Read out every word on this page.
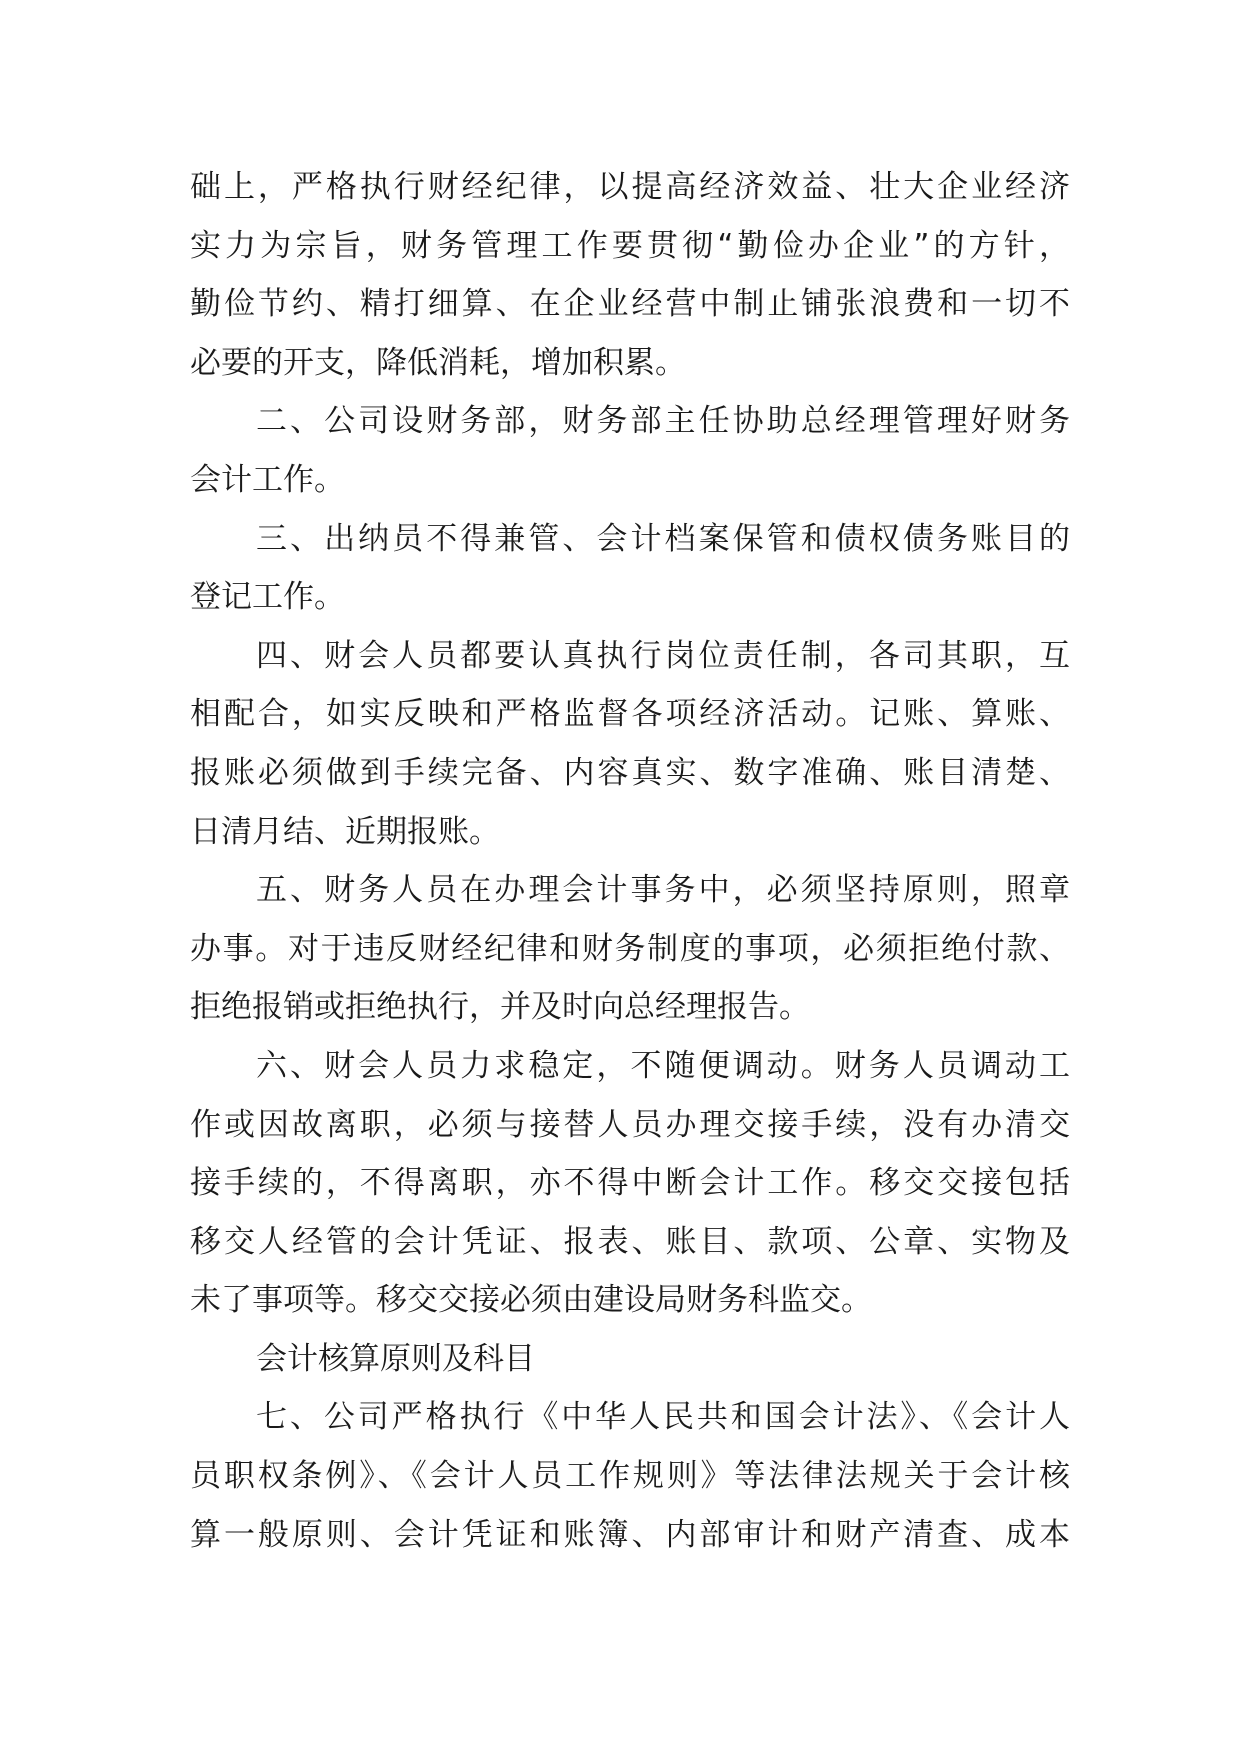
础上，严格执行财经纪律，以提高经济效益、壮大企业经济
实力为宗旨，财务管理工作要贯彻“勤俭办企业”的方针，
勤俭节约、精打细算、在企业经营中制止铺张浪费和一切不
必要的开支，降低消耗，增加积累。
二、公司设财务部，财务部主任协助总经理管理好财务
会计工作。
三、出纳员不得兼管、会计档案保管和债权债务账目的
登记工作。
四、财会人员都要认真执行岗位责任制，各司其职，互
相配合，如实反映和严格监督各项经济活动。记账、算账、
报账必须做到手续完备、内容真实、数字准确、账目清楚、
日清月结、近期报账。
五、财务人员在办理会计事务中，必须坚持原则，照章
办事。对于违反财经纪律和财务制度的事项，必须拒绝付款、
拒绝报销或拒绝执行，并及时向总经理报告。
六、财会人员力求稳定，不随便调动。财务人员调动工
作或因故离职，必须与接替人员办理交接手续，没有办清交
接手续的，不得离职，亦不得中断会计工作。移交交接包括
移交人经管的会计凭证、报表、账目、款项、公章、实物及
未了事项等。移交交接必须由建设局财务科监交。
会计核算原则及科目
七、公司严格执行《中华人民共和国会计法》、《会计人
员职权条例》、《会计人员工作规则》等法律法规关于会计核
算一般原则、会计凭证和账簿、内部审计和财产清查、成本
